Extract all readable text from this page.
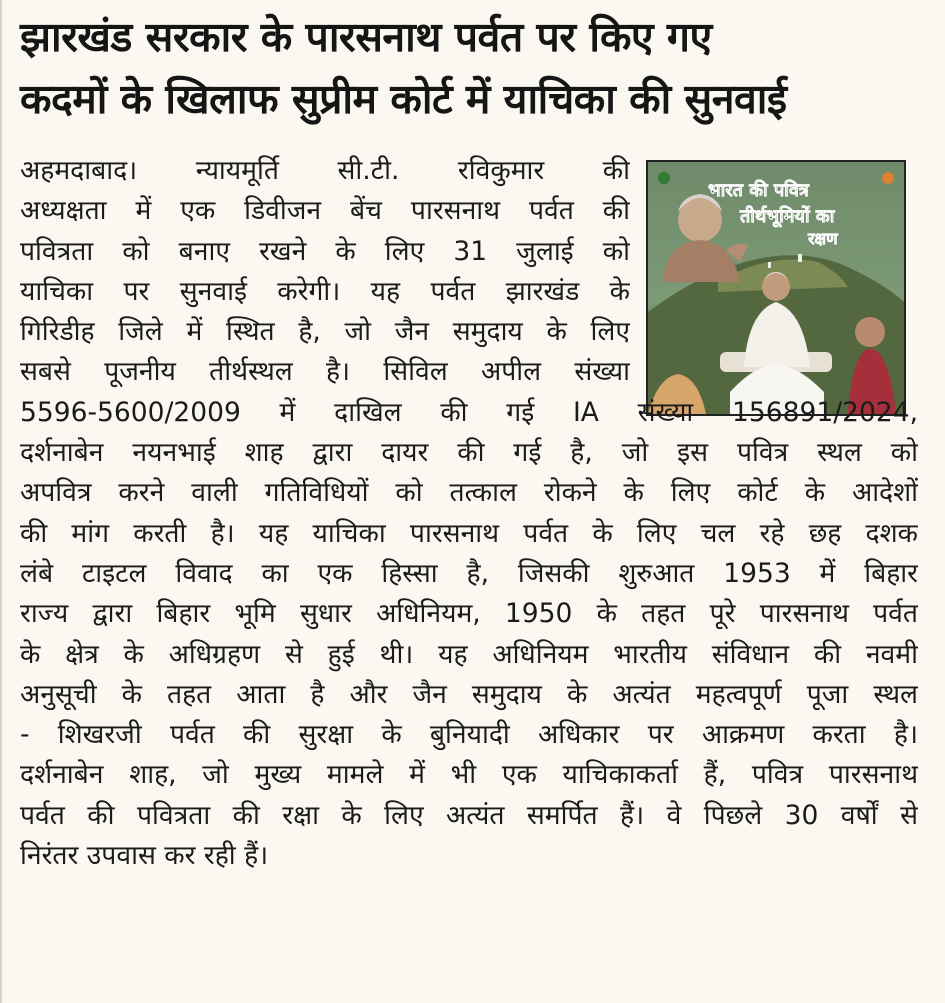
झारखंड सरकार के पारसनाथ पर्वत पर किए गए
कदमों के खिलाफ सुप्रीम कोर्ट में याचिका की सुनवाई
भारत की पवित्र
तीर्थभूमियों का
रक्षण
अहमदाबाद। न्यायमूर्ति सी.टी. रविकुमार की
अध्यक्षता में एक डिवीजन बेंच पारसनाथ पर्वत की
पवित्रता को बनाए रखने के लिए 31 जुलाई को
याचिका पर सुनवाई करेगी। यह पर्वत झारखंड के
गिरिडीह जिले में स्थित है, जो जैन समुदाय के लिए
सबसे पूजनीय तीर्थस्थल है। सिविल अपील संख्या
5596-5600/2009 में दाखिल की गई IA संख्या 156891/2024,
दर्शनाबेन नयनभाई शाह द्वारा दायर की गई है, जो इस पवित्र स्थल को
अपवित्र करने वाली गतिविधियों को तत्काल रोकने के लिए कोर्ट के आदेशों
की मांग करती है। यह याचिका पारसनाथ पर्वत के लिए चल रहे छह दशक
लंबे टाइटल विवाद का एक हिस्सा है, जिसकी शुरुआत 1953 में बिहार
राज्य द्वारा बिहार भूमि सुधार अधिनियम, 1950 के तहत पूरे पारसनाथ पर्वत
के क्षेत्र के अधिग्रहण से हुई थी। यह अधिनियम भारतीय संविधान की नवमी
अनुसूची के तहत आता है और जैन समुदाय के अत्यंत महत्वपूर्ण पूजा स्थल
- शिखरजी पर्वत की सुरक्षा के बुनियादी अधिकार पर आक्रमण करता है।
दर्शनाबेन शाह, जो मुख्य मामले में भी एक याचिकाकर्ता हैं, पवित्र पारसनाथ
पर्वत की पवित्रता की रक्षा के लिए अत्यंत समर्पित हैं। वे पिछले 30 वर्षों से
निरंतर उपवास कर रही हैं।
